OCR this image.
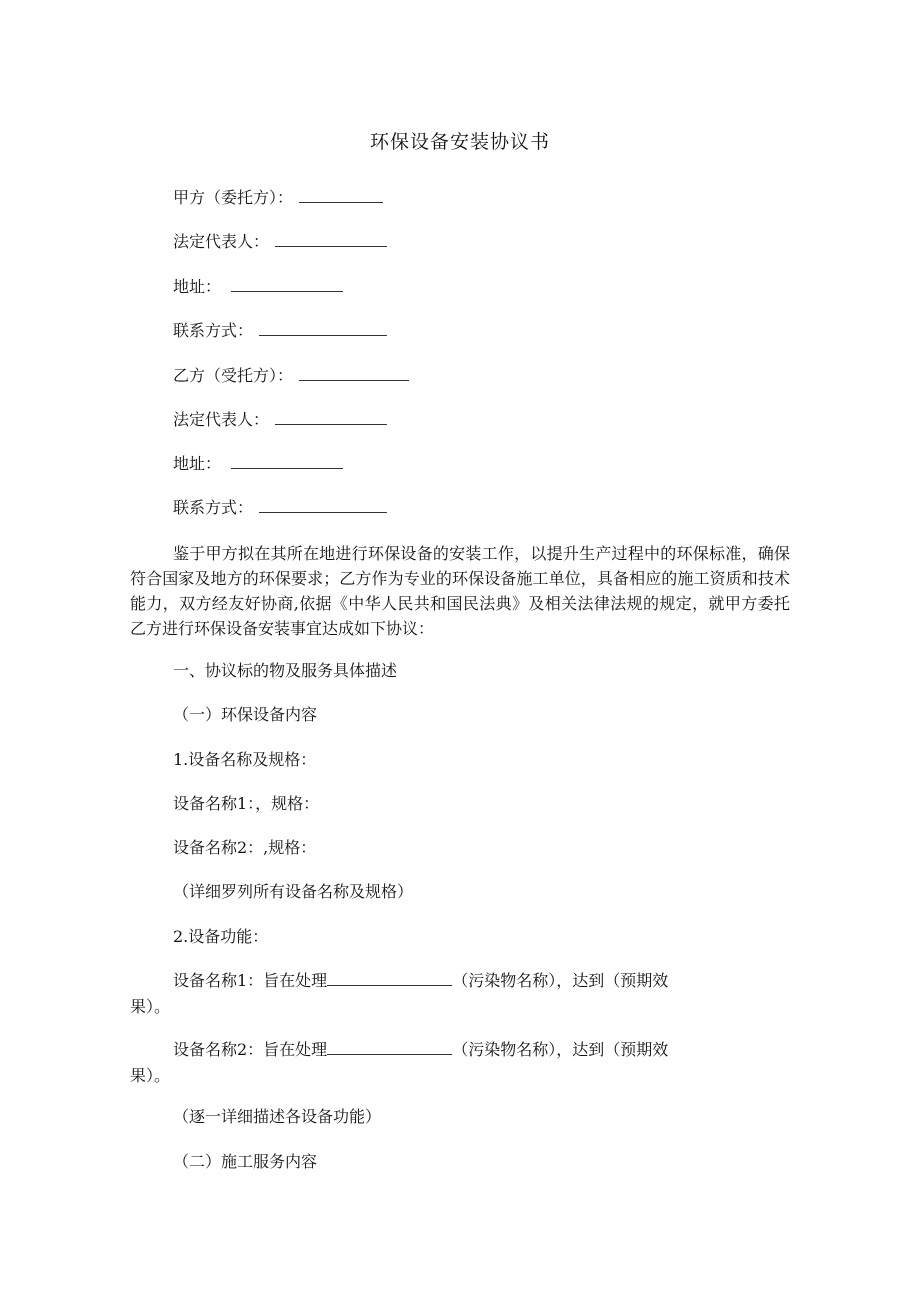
环保设备安装协议书
甲方（委托方）：
法定代表人：
地址：
联系方式：
乙方（受托方）：
法定代表人：
地址：
联系方式：
鉴于甲方拟在其所在地进行环保设备的安装工作，以提升生产过程中的环保标准，确保符合国家及地方的环保要求；乙方作为专业的环保设备施工单位，具备相应的施工资质和技术能力，双方经友好协商,依据《中华人民共和国民法典》及相关法律法规的规定，就甲方委托乙方进行环保设备安装事宜达成如下协议：
一、协议标的物及服务具体描述
（一）环保设备内容
1.设备名称及规格：
设备名称1：，规格：
设备名称2：,规格：
（详细罗列所有设备名称及规格）
2.设备功能：
设备名称1：旨在处理	（污染物名称），达到（预期效果）。
设备名称2：旨在处理	（污染物名称），达到（预期效果）。
（逐一详细描述各设备功能）
（二）施工服务内容
